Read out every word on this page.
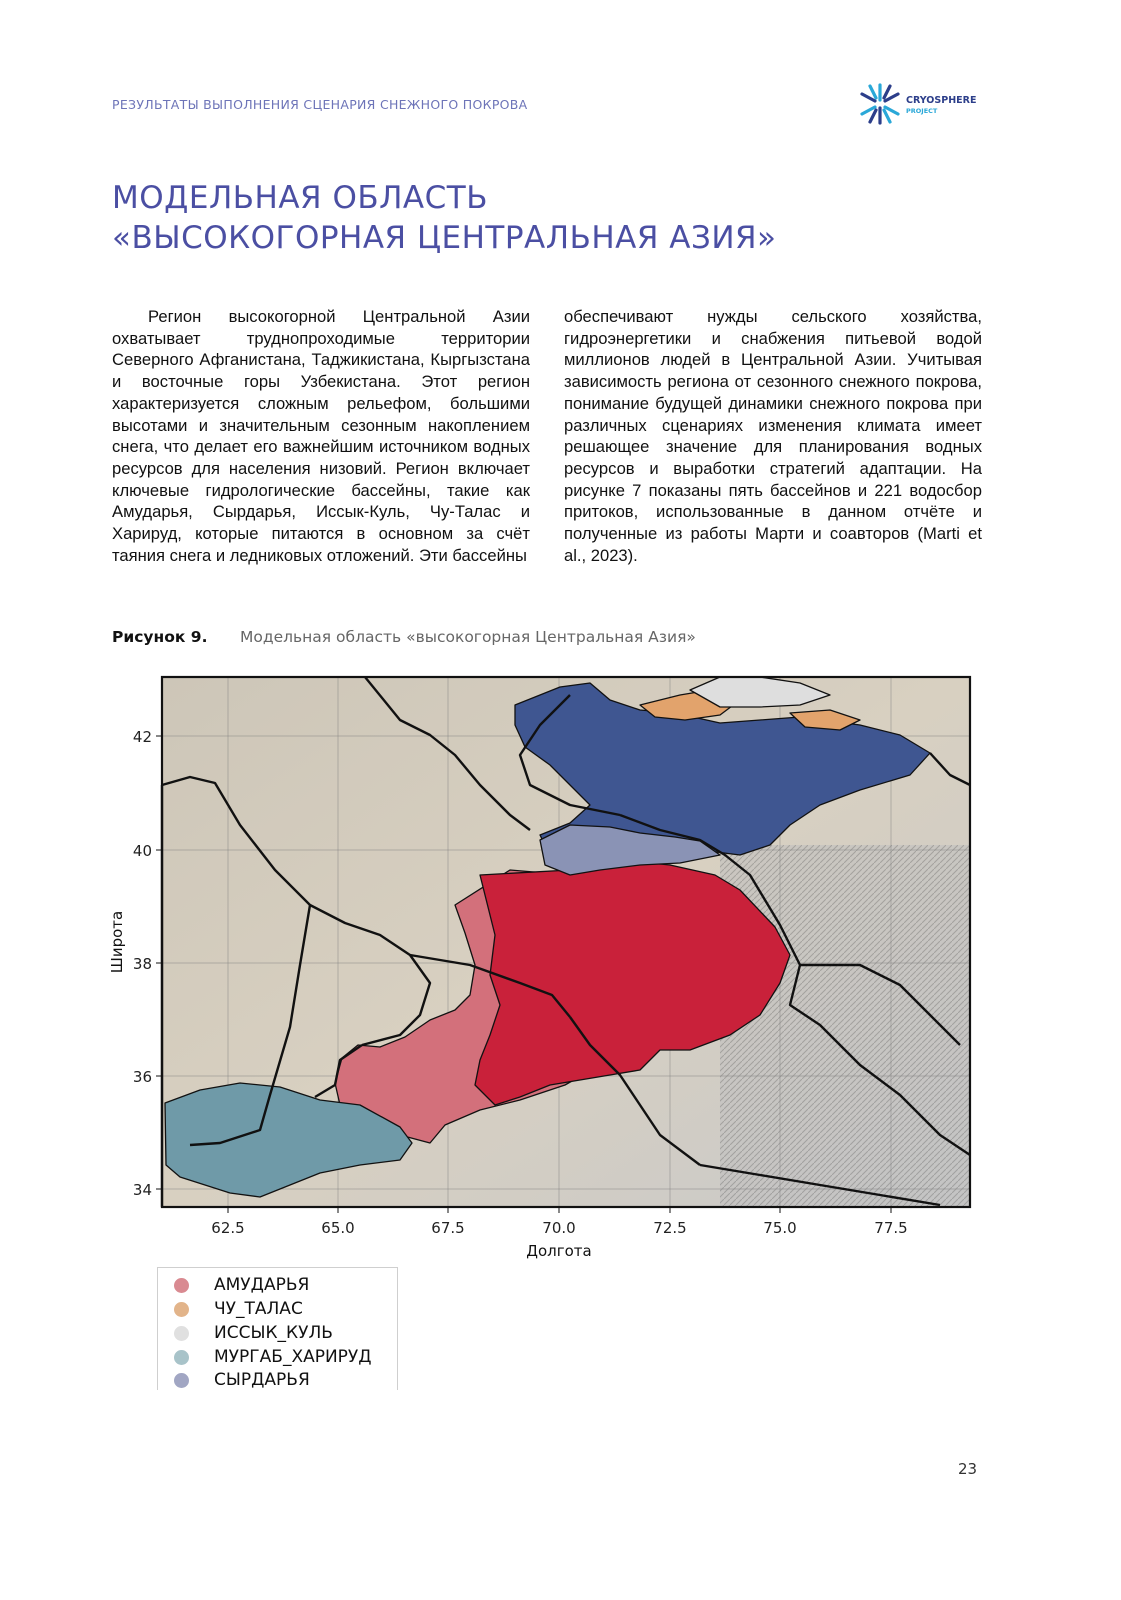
РЕЗУЛЬТАТЫ ВЫПОЛНЕНИЯ СЦЕНАРИЯ СНЕЖНОГО ПОКРОВА	CRYOSPHERE
PROJECT
МОДЕЛЬНАЯ ОБЛАСТЬ
«ВЫСОКОГОРНАЯ ЦЕНТРАЛЬНАЯ АЗИЯ»
Регион высокогорной Центральной Азии охватывает труднопроходимые территории Северного Афганистана, Таджикистана, Кыргызстана и восточные горы Узбекистана. Этот регион характеризуется сложным рельефом, большими высотами и значительным сезонным накоплением снега, что делает его важнейшим источником водных ресурсов для населения низовий. Регион включает ключевые гидрологические бассейны, такие как Амударья, Сырдарья, Иссык-Куль, Чу-Талас и Харируд, которые питаются в основном за счёт таяния снега и ледниковых отложений. Эти бассейны
обеспечивают нужды сельского хозяйства, гидроэнергетики и снабжения питьевой водой миллионов людей в Центральной Азии. Учитывая зависимость региона от сезонного снежного покрова, понимание будущей динамики снежного покрова при различных сценариях изменения климата имеет решающее значение для планирования водных ресурсов и выработки стратегий адаптации. На рисунке 7 показаны пять бассейнов и 221 водосбор притоков, использованные в данном отчёте и полученные из работы Марти и соавторов (Marti et al., 2023).
Рисунок 9. Модельная область «высокогорная Центральная Азия»
42
40
38
36
34
Широта
62.5	65.0	67.5	70.0	72.5	75.0	77.5
Долгота
АМУДАРЬЯ
ЧУ_ТАЛАС
ИССЫК_КУЛЬ
МУРГАБ_ХАРИРУД
СЫРДАРЬЯ
23
